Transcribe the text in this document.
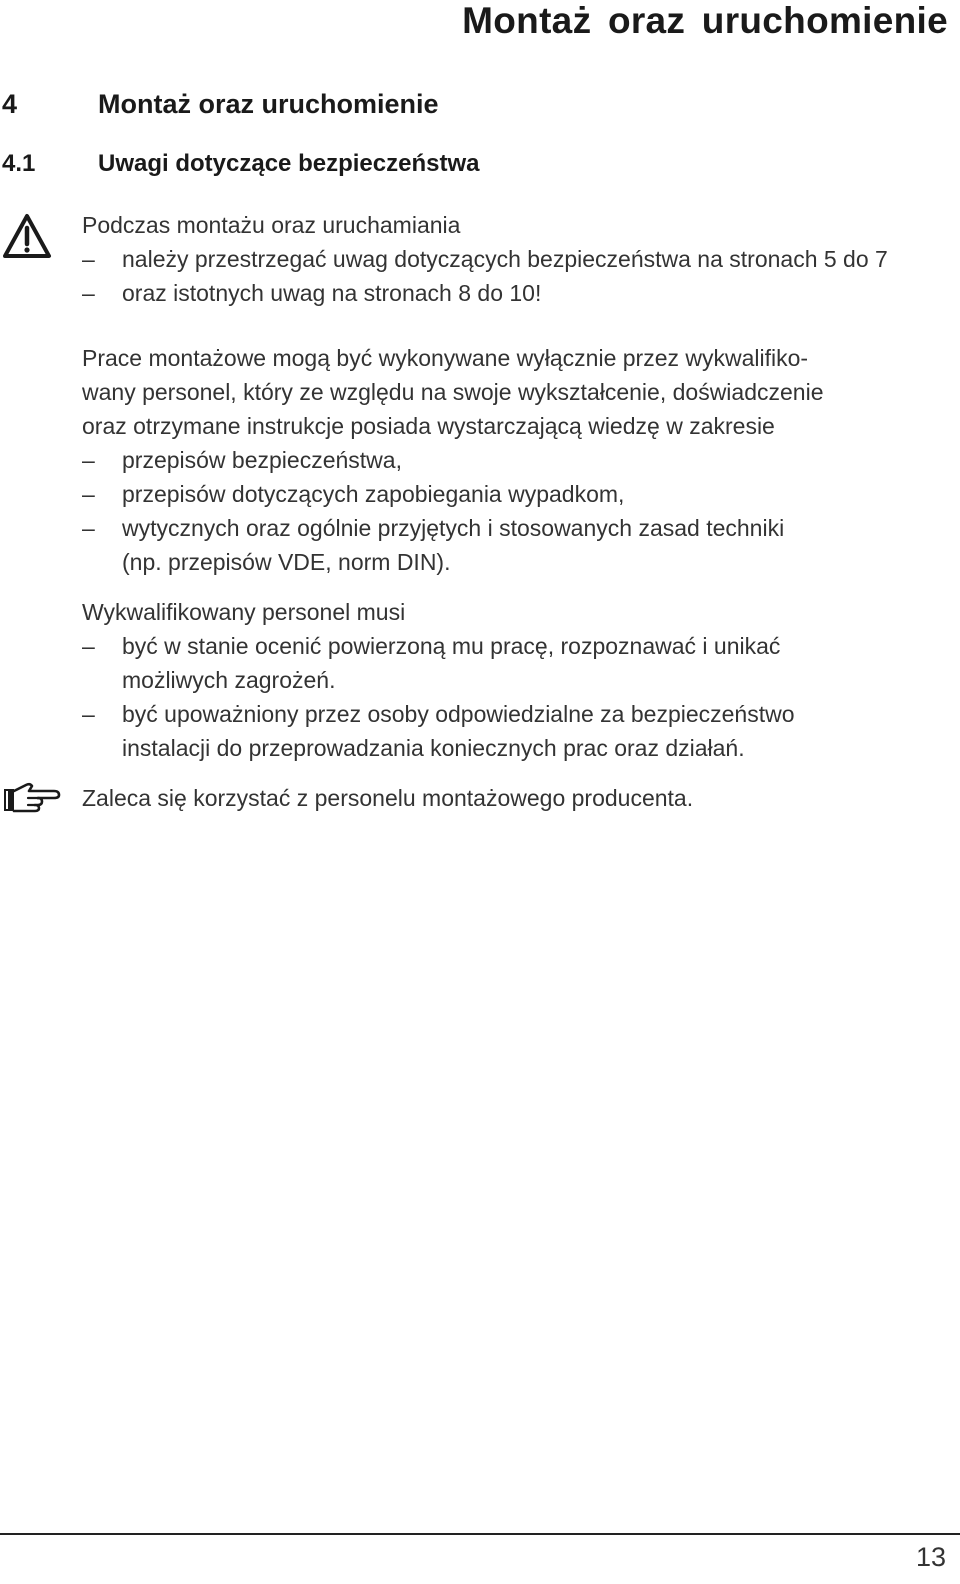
Montaż oraz uruchomienie
4	Montaż oraz uruchomienie
4.1	Uwagi dotyczące bezpieczeństwa
Podczas montażu oraz uruchamiania
– należy przestrzegać uwag dotyczących bezpieczeństwa na stronach 5 do 7
– oraz istotnych uwag na stronach 8 do 10!
Prace montażowe mogą być wykonywane wyłącznie przez wykwalifiko-
wany personel, który ze względu na swoje wykształcenie, doświadczenie
oraz otrzymane instrukcje posiada wystarczającą wiedzę w zakresie
– przepisów bezpieczeństwa,
– przepisów dotyczących zapobiegania wypadkom,
– wytycznych oraz ogólnie przyjętych i stosowanych zasad techniki
(np. przepisów VDE, norm DIN).
Wykwalifikowany personel musi
– być w stanie ocenić powierzoną mu pracę, rozpoznawać i unikać
możliwych zagrożeń.
– być upoważniony przez osoby odpowiedzialne za bezpieczeństwo
instalacji do przeprowadzania koniecznych prac oraz działań.
Zaleca się korzystać z personelu montażowego producenta.
13
